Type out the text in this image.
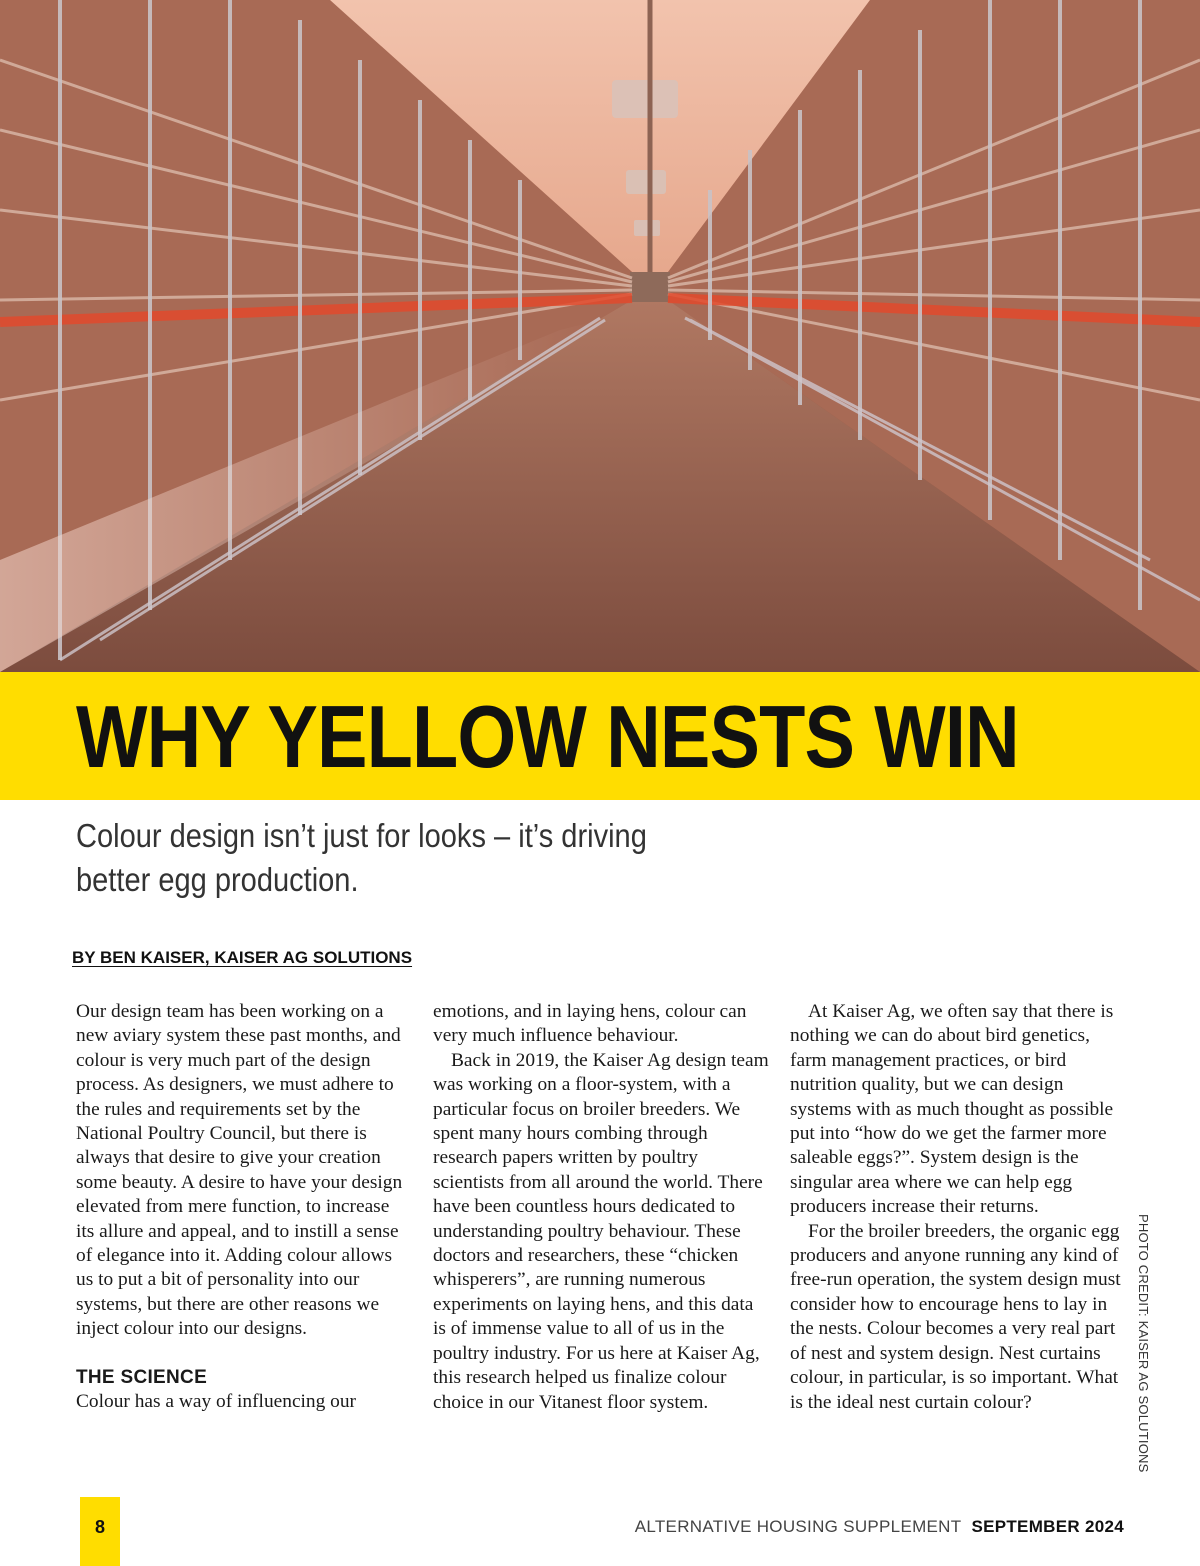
WHY YELLOW NESTS WIN

Colour design isn’t just for looks – it’s driving better egg production.

BY BEN KAISER, KAISER AG SOLUTIONS

Our design team has been working on a new aviary system these past months, and colour is very much part of the design process. As designers, we must adhere to the rules and requirements set by the National Poultry Council, but there is always that desire to give your creation some beauty. A desire to have your design elevated from mere function, to increase its allure and appeal, and to instill a sense of elegance into it. Adding colour allows us to put a bit of personality into our systems, but there are other reasons we inject colour into our designs.

THE SCIENCE

Colour has a way of influencing our

emotions, and in laying hens, colour can very much influence behaviour.

Back in 2019, the Kaiser Ag design team was working on a floor-system, with a particular focus on broiler breeders. We spent many hours combing through research papers written by poultry scientists from all around the world. There have been countless hours dedicated to understanding poultry behaviour. These doctors and researchers, these “chicken whisperers”, are running numerous experiments on laying hens, and this data is of immense value to all of us in the poultry industry. For us here at Kaiser Ag, this research helped us finalize colour choice in our Vitanest floor system.

At Kaiser Ag, we often say that there is nothing we can do about bird genetics, farm management practices, or bird nutrition quality, but we can design systems with as much thought as possible put into “how do we get the farmer more saleable eggs?”. System design is the singular area where we can help egg producers increase their returns.

For the broiler breeders, the organic egg producers and anyone running any kind of free-run operation, the system design must consider how to encourage hens to lay in the nests. Colour becomes a very real part of nest and system design. Nest curtains colour, in particular, is so important. What is the ideal nest curtain colour?	PHOTO CREDIT: KAISER AG SOLUTIONS
8	ALTERNATIVE HOUSING SUPPLEMENT SEPTEMBER 2024
